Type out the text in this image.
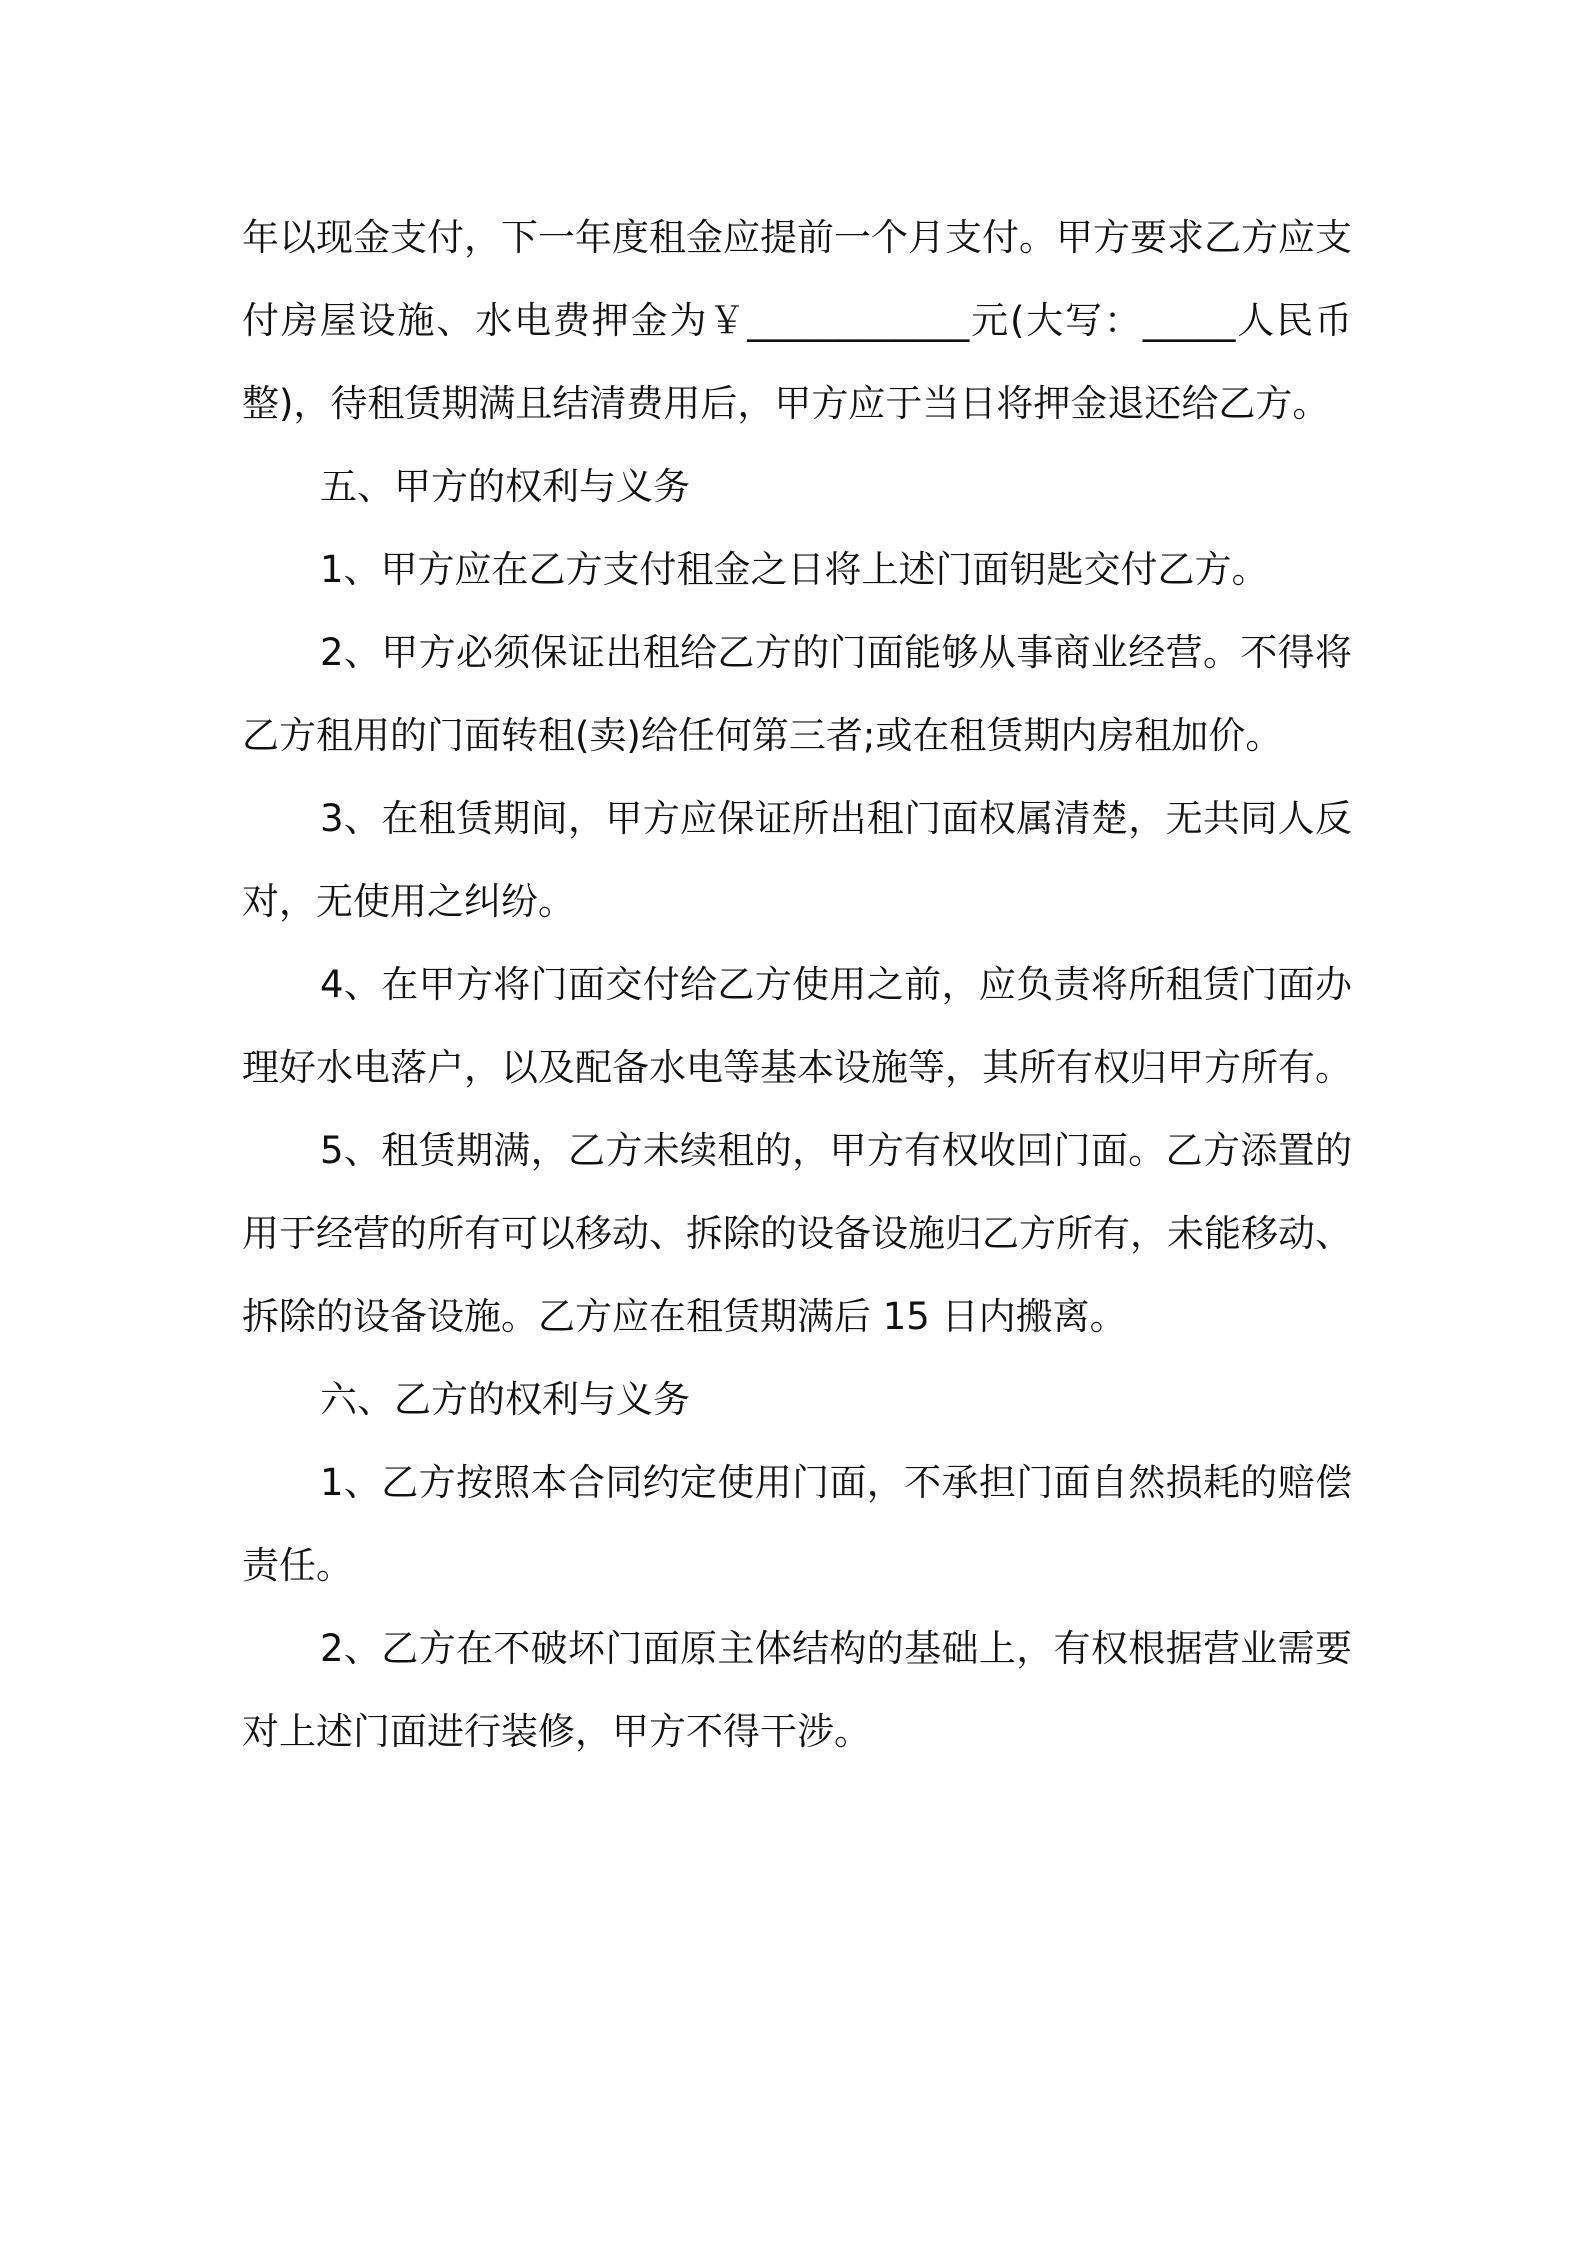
年以现金支付，下一年度租金应提前一个月支付。甲方要求乙方应支付房屋设施、水电费押金为￥____________元(大写：_____人民币 整)，待租赁期满且结清费用后，甲方应于当日将押金退还给乙方。

五、甲方的权利与义务

1、甲方应在乙方支付租金之日将上述门面钥匙交付乙方。

2、甲方必须保证出租给乙方的门面能够从事商业经营。不得将乙方租用的门面转租(卖)给任何第三者;或在租赁期内房租加价。

3、在租赁期间，甲方应保证所出租门面权属清楚，无共同人反对，无使用之纠纷。

4、在甲方将门面交付给乙方使用之前，应负责将所租赁门面办理好水电落户，以及配备水电等基本设施等，其所有权归甲方所有。

5、租赁期满，乙方未续租的，甲方有权收回门面。乙方添置的用于经营的所有可以移动、拆除的设备设施归乙方所有，未能移动、拆除的设备设施。乙方应在租赁期满后 15 日内搬离。

六、乙方的权利与义务

1、乙方按照本合同约定使用门面，不承担门面自然损耗的赔偿责任。

2、乙方在不破坏门面原主体结构的基础上，有权根据营业需要对上述门面进行装修，甲方不得干涉。
